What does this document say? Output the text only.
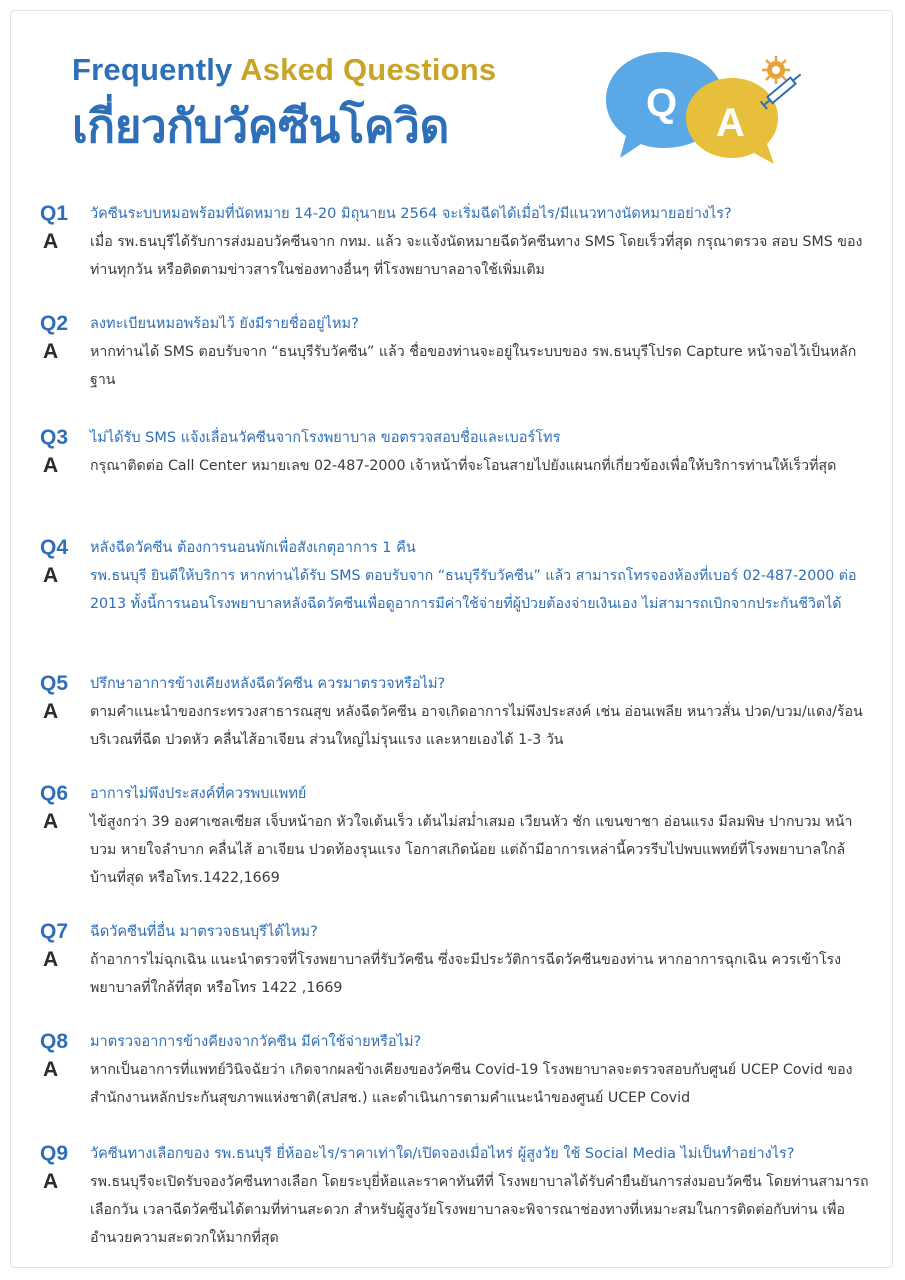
Frequently Asked Questions
เกี่ยวกับวัคซีนโควิด	Q A
Q1	วัคซีนระบบหมอพร้อมที่นัดหมาย 14-20 มิถุนายน 2564 จะเริ่มฉีดได้เมื่อไร/มีแนวทางนัดหมายอย่างไร?
A	เมื่อ รพ.ธนบุรีได้รับการส่งมอบวัคซีนจาก กทม. แล้ว จะแจ้งนัดหมายฉีดวัคซีนทาง SMS โดยเร็วที่สุด กรุณาตรวจ สอบ SMS ของท่านทุกวัน หรือติดตามข่าวสารในช่องทางอื่นๆ ที่โรงพยาบาลอาจใช้เพิ่มเติม
Q2	ลงทะเบียนหมอพร้อมไว้ ยังมีรายชื่ออยู่ไหม?
A	หากท่านได้ SMS ตอบรับจาก “ธนบุรีรับวัคซีน” แล้ว ชื่อของท่านจะอยู่ในระบบของ รพ.ธนบุรีโปรด Capture หน้าจอไว้เป็นหลักฐาน
Q3	ไม่ได้รับ SMS แจ้งเลื่อนวัคซีนจากโรงพยาบาล ขอตรวจสอบชื่อและเบอร์โทร
A	กรุณาติดต่อ Call Center หมายเลข 02-487-2000 เจ้าหน้าที่จะโอนสายไปยังแผนกที่เกี่ยวข้องเพื่อให้บริการท่านให้เร็วที่สุด
Q4	หลังฉีดวัคซีน ต้องการนอนพักเพื่อสังเกตุอาการ 1 คืน
A	รพ.ธนบุรี ยินดีให้บริการ หากท่านได้รับ SMS ตอบรับจาก “ธนบุรีรับวัคซีน” แล้ว สามารถโทรจองห้องที่เบอร์ 02-487-2000 ต่อ 2013 ทั้งนี้การนอนโรงพยาบาลหลังฉีดวัคซีนเพื่อดูอาการมีค่าใช้จ่ายที่ผู้ป่วยต้องจ่ายเงินเอง ไม่สามารถเบิกจากประกันชีวิตได้
Q5	ปรึกษาอาการข้างเคียงหลังฉีดวัคซีน ควรมาตรวจหรือไม่?
A	ตามคำแนะนำของกระทรวงสาธารณสุข หลังฉีดวัคซีน อาจเกิดอาการไม่พึงประสงค์ เช่น อ่อนเพลีย หนาวสั่น ปวด/บวม/แดง/ร้อน บริเวณที่ฉีด ปวดหัว คลื่นไส้อาเจียน ส่วนใหญ่ไม่รุนแรง และหายเองได้ 1-3 วัน
Q6	อาการไม่พึงประสงค์ที่ควรพบแพทย์
A	ไข้สูงกว่า 39 องศาเซลเซียส เจ็บหน้าอก หัวใจเต้นเร็ว เต้นไม่สม่ำเสมอ เวียนหัว ชัก แขนขาชา อ่อนแรง มีลมพิษ ปากบวม หน้าบวม หายใจลำบาก คลื่นไส้ อาเจียน ปวดท้องรุนแรง โอกาสเกิดน้อย แต่ถ้ามีอาการเหล่านี้ควรรีบไปพบแพทย์ที่โรงพยาบาลใกล้บ้านที่สุด หรือโทร.1422,1669
Q7	ฉีดวัคซีนที่อื่น มาตรวจธนบุรีได้ไหม?
A	ถ้าอาการไม่ฉุกเฉิน แนะนำตรวจที่โรงพยาบาลที่รับวัคซีน ซึ่งจะมีประวัติการฉีดวัคซีนของท่าน หากอาการฉุกเฉิน ควรเข้าโรงพยาบาลที่ใกล้ที่สุด หรือโทร 1422 ,1669
Q8	มาตรวจอาการข้างคียงจากวัคซีน มีค่าใช้จ่ายหรือไม่?
A	หากเป็นอาการที่แพทย์วินิจฉัยว่า เกิดจากผลข้างเคียงของวัคซีน Covid-19 โรงพยาบาลจะตรวจสอบกับศูนย์ UCEP Covid ของสำนักงานหลักประกันสุขภาพแห่งชาติ(สปสช.) และดำเนินการตามคำแนะนำของศูนย์ UCEP Covid
Q9	วัคซีนทางเลือกของ รพ.ธนบุรี ยี่ห้ออะไร/ราคาเท่าใด/เปิดจองเมื่อไหร่ ผู้สูงวัย ใช้ Social Media ไม่เป็นทำอย่างไร?
A	รพ.ธนบุรีจะเปิดรับจองวัคซีนทางเลือก โดยระบุยี่ห้อและราคาทันทีที่ โรงพยาบาลได้รับคำยืนยันการส่งมอบวัคซีน โดยท่านสามารถเลือกวัน เวลาฉีดวัคซีนได้ตามที่ท่านสะดวก สำหรับผู้สูงวัยโรงพยาบาลจะพิจารณาช่องทางที่เหมาะสมในการติดต่อกับท่าน เพื่ออำนวยความสะดวกให้มากที่สุด
